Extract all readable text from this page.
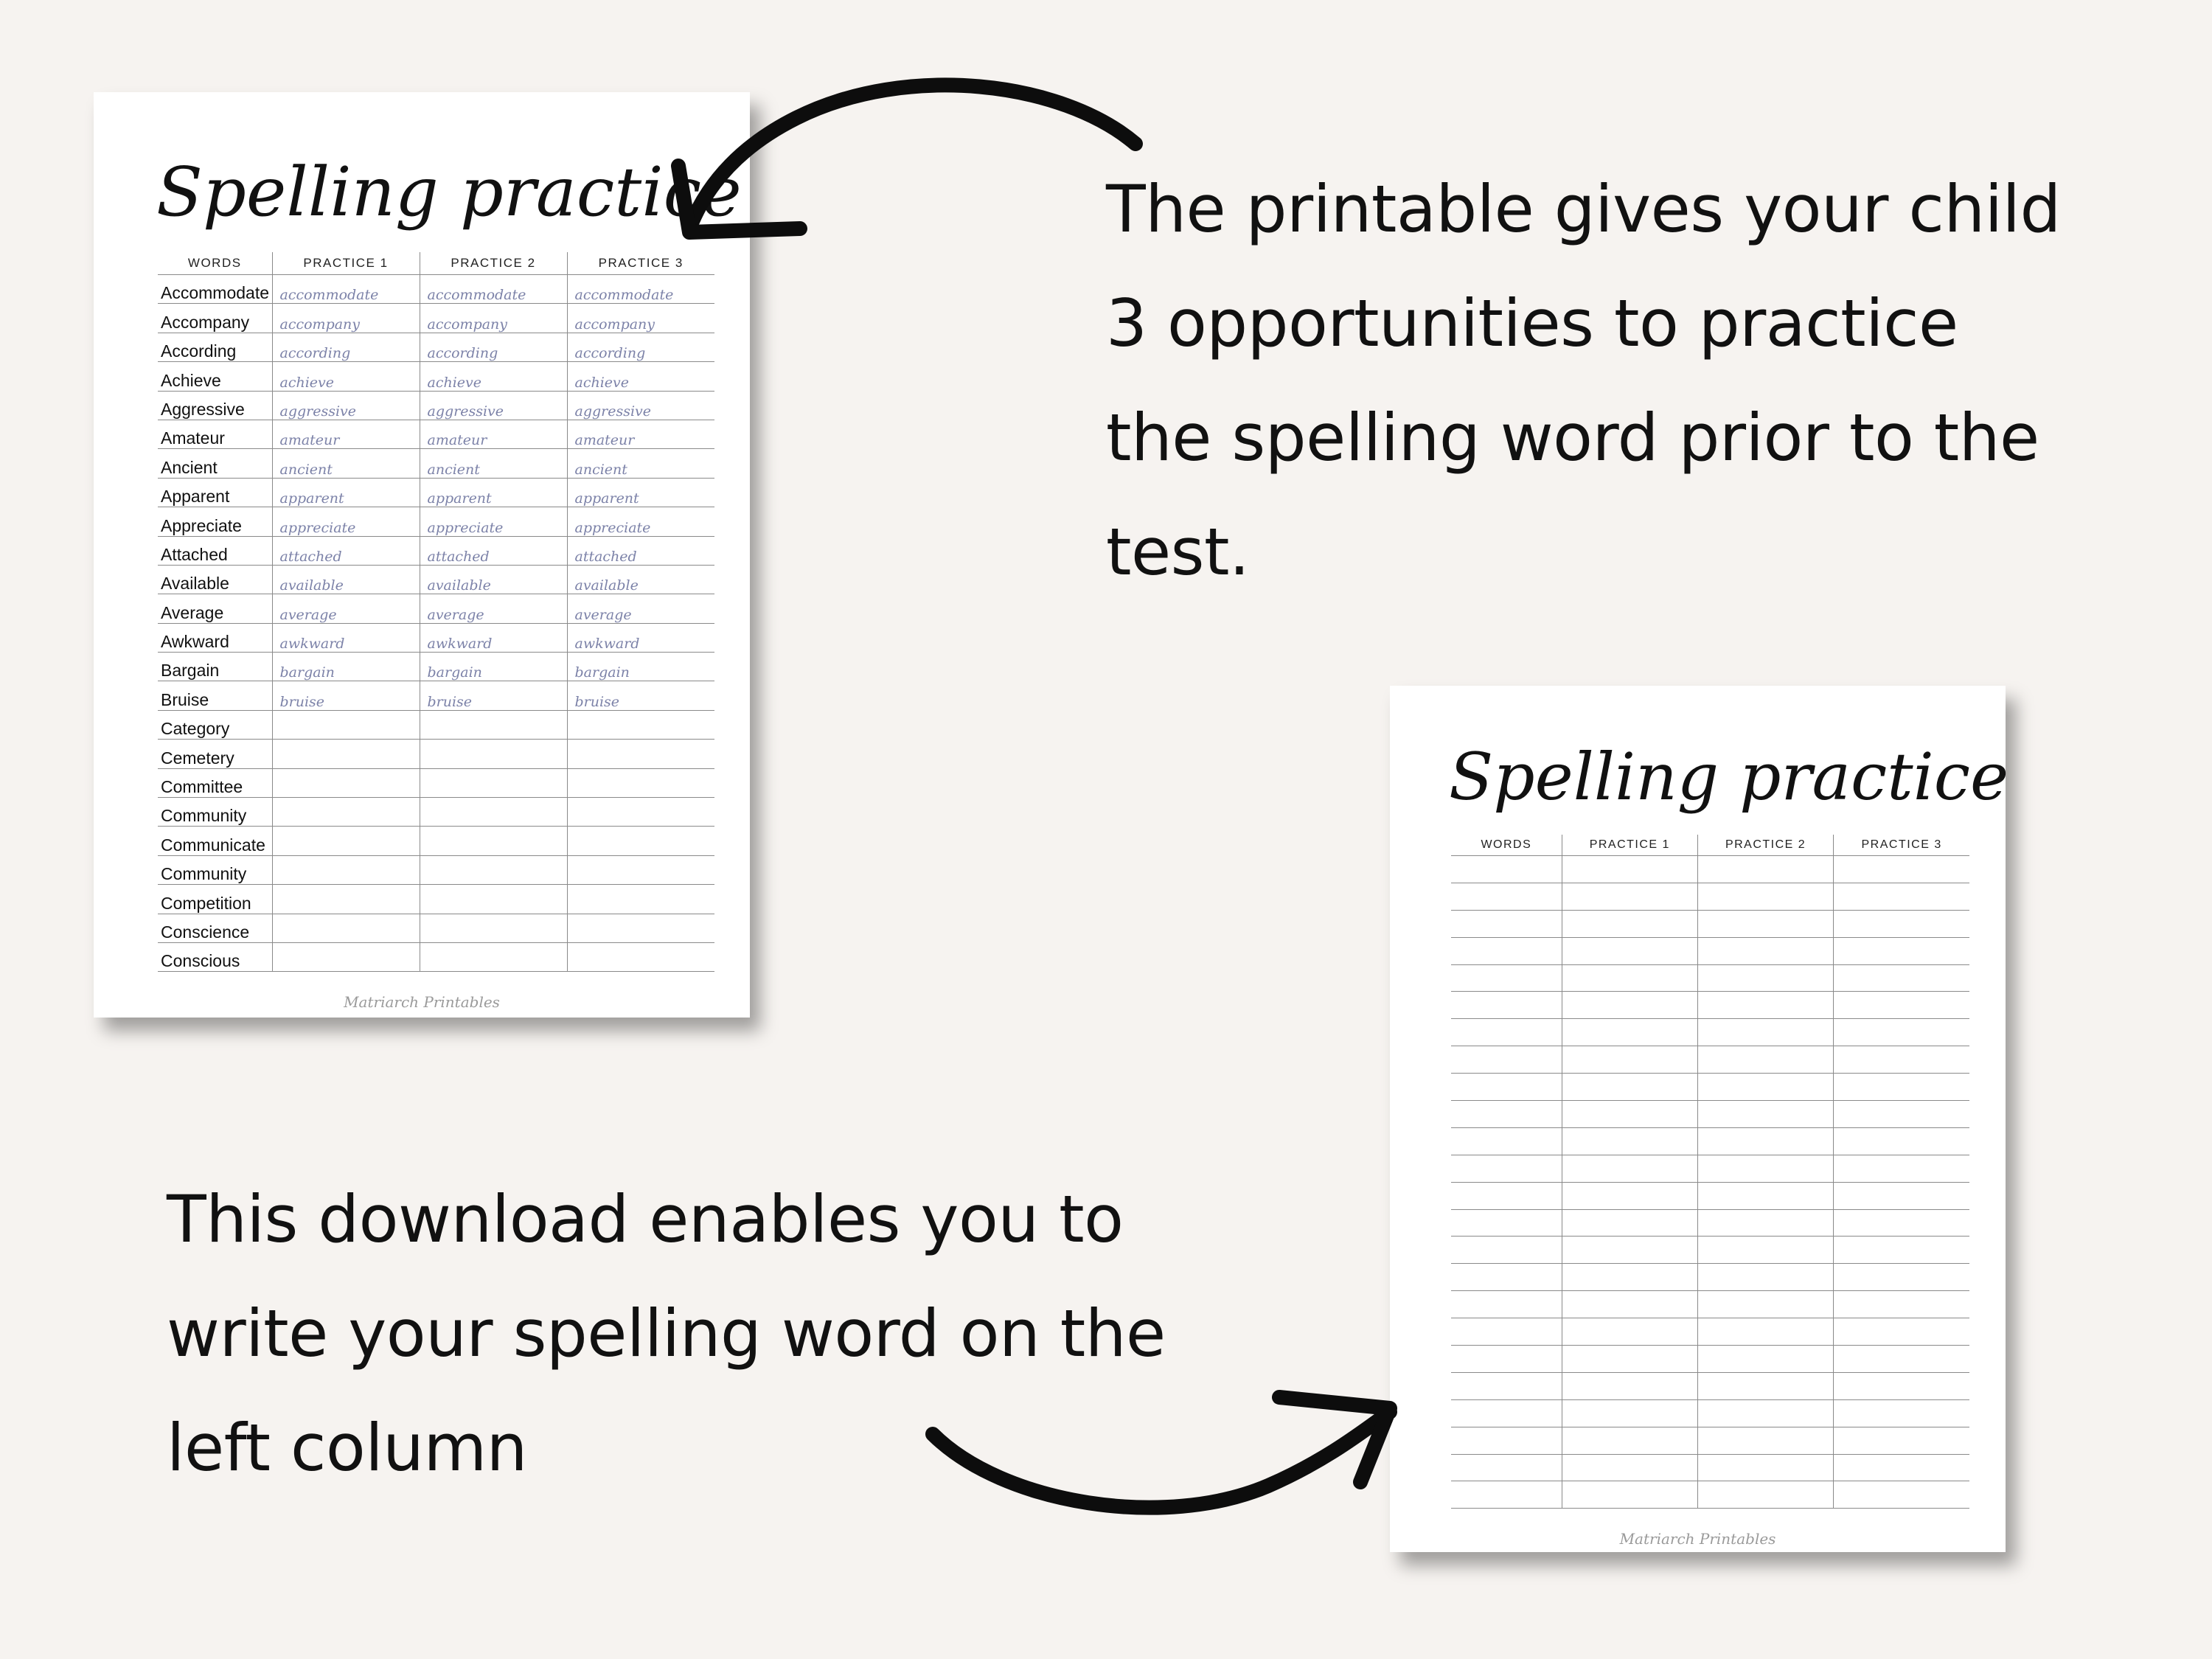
The printable gives your child 3 opportunities to practice the spelling word prior to the test.
This download enables you to write your spelling word on the left column
Spelling practice
WORDS	PRACTICE 1	PRACTICE 2	PRACTICE 3
Accommodate	accommodate	accommodate	accommodate
Accompany	accompany	accompany	accompany
According	according	according	according
Achieve	achieve	achieve	achieve
Aggressive	aggressive	aggressive	aggressive
Amateur	amateur	amateur	amateur
Ancient	ancient	ancient	ancient
Apparent	apparent	apparent	apparent
Appreciate	appreciate	appreciate	appreciate
Attached	attached	attached	attached
Available	available	available	available
Average	average	average	average
Awkward	awkward	awkward	awkward
Bargain	bargain	bargain	bargain
Bruise	bruise	bruise	bruise
Category			
Cemetery			
Committee			
Community			
Communicate			
Community			
Competition			
Conscience			
Conscious			
Matriarch Printables
Spelling practice
WORDS	PRACTICE 1	PRACTICE 2	PRACTICE 3

Matriarch Printables
